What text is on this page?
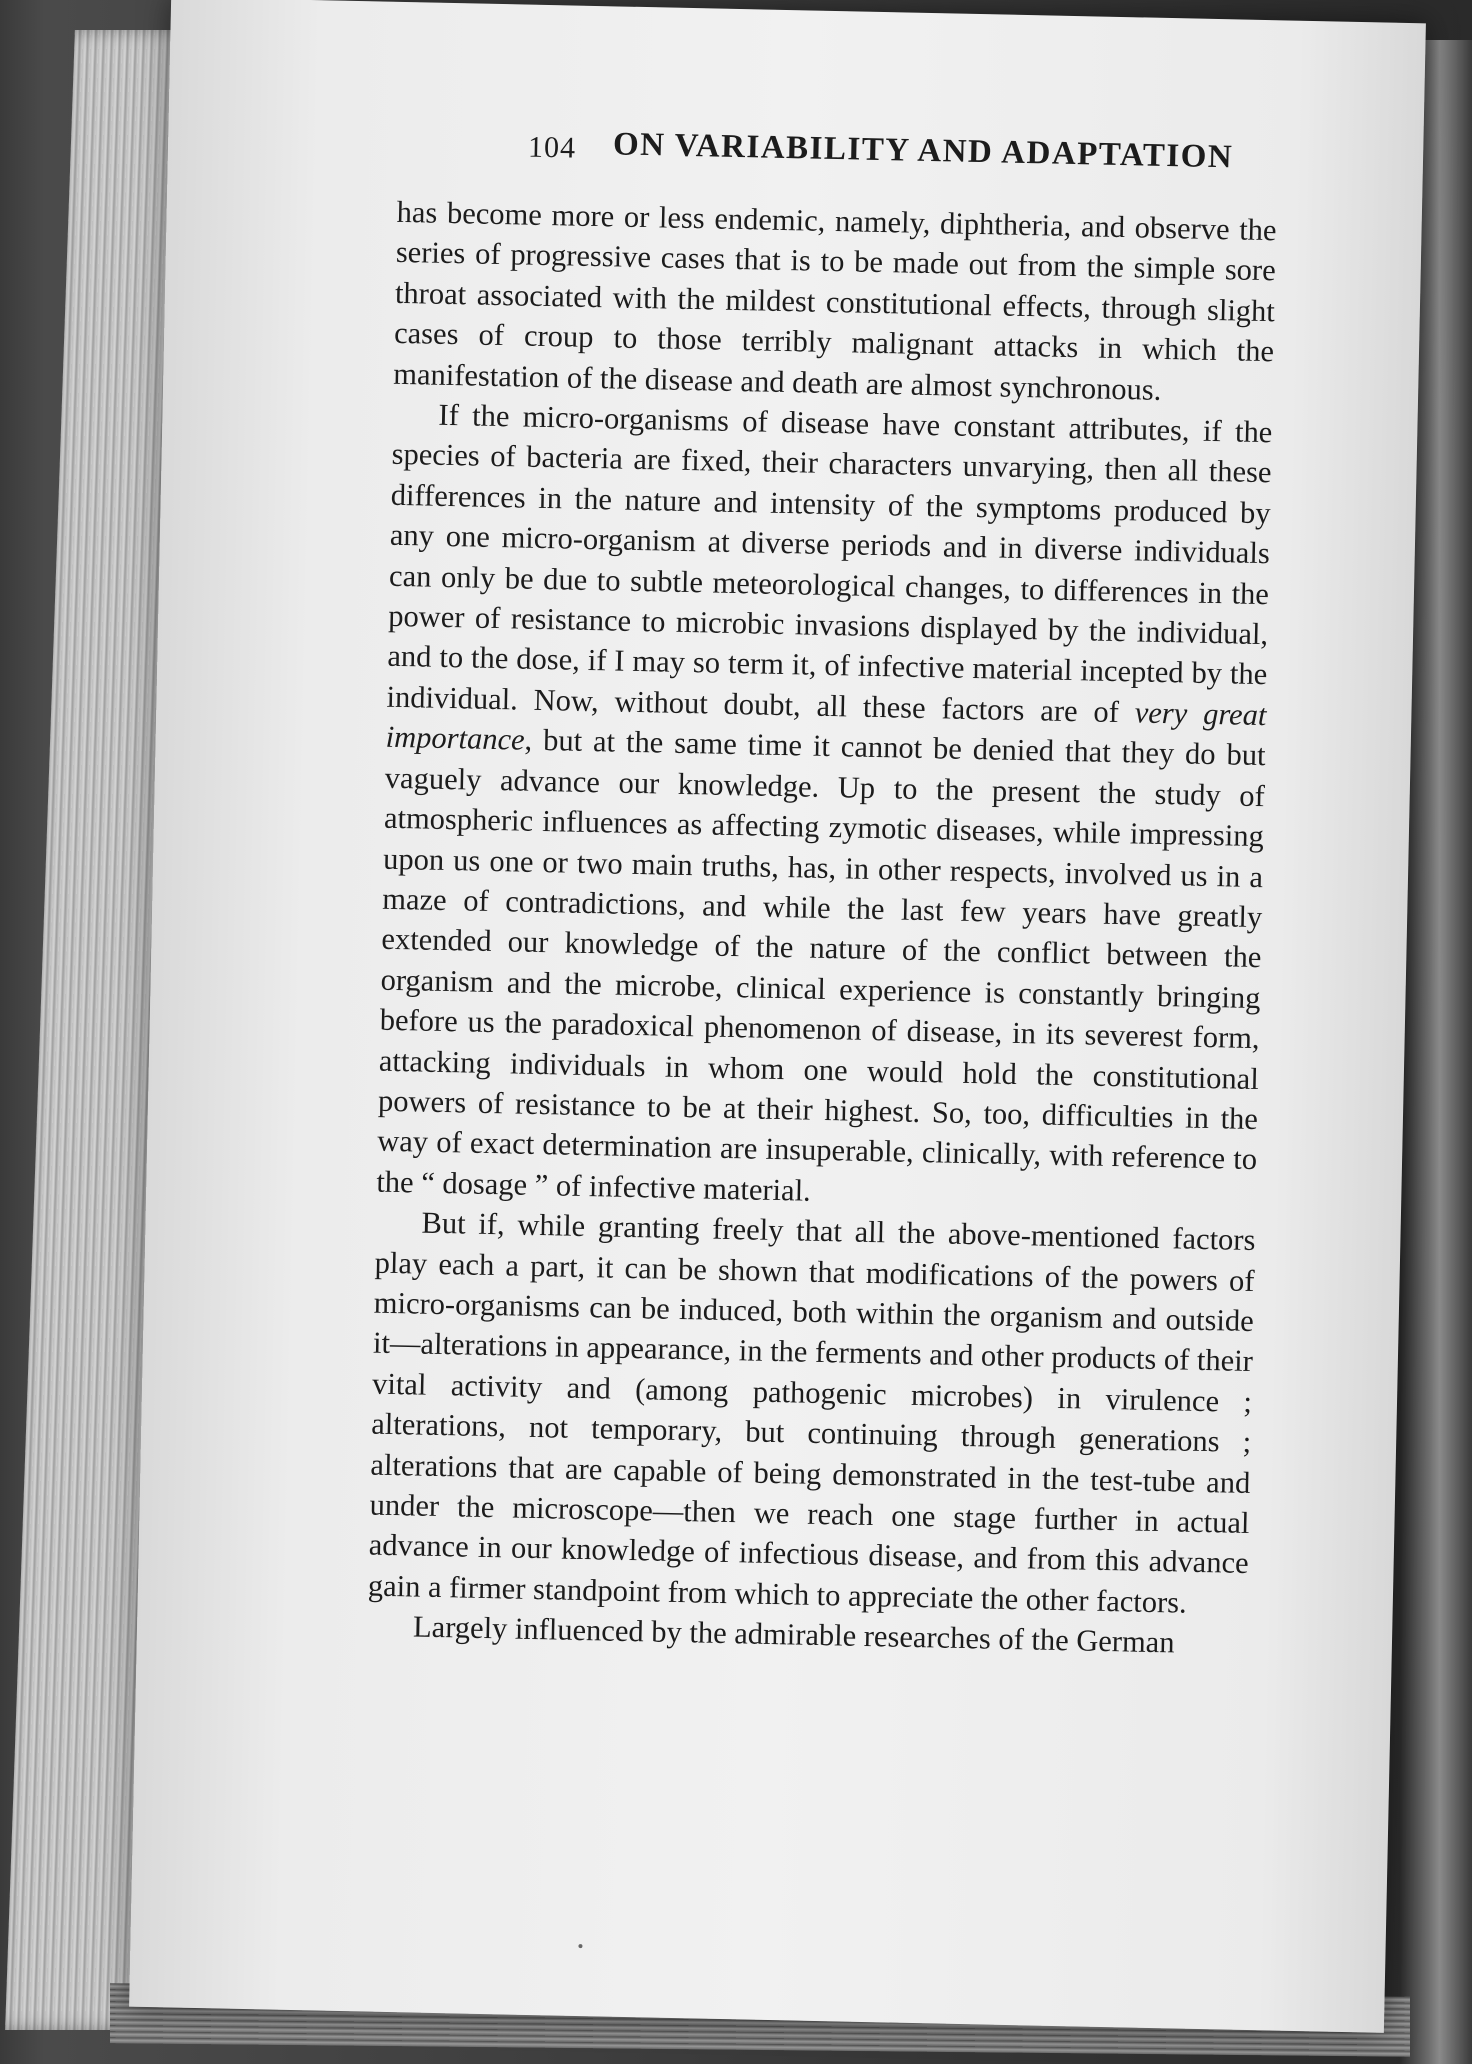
104	ON VARIABILITY AND ADAPTATION

has become more or less endemic, namely, diphtheria, and observe the series of progressive cases that is to be made out from the simple sore throat associated with the mildest constitutional effects, through slight cases of croup to those terribly malignant attacks in which the manifestation of the disease and death are almost synchronous.

If the micro-organisms of disease have constant attributes, if the species of bacteria are fixed, their characters unvarying, then all these differences in the nature and intensity of the symptoms produced by any one micro-organism at diverse periods and in diverse individuals can only be due to subtle meteorological changes, to differences in the power of resistance to microbic invasions displayed by the individual, and to the dose, if I may so term it, of infective material incepted by the individual. Now, without doubt, all these factors are of very great importance, but at the same time it cannot be denied that they do but vaguely advance our knowledge. Up to the present the study of atmospheric influences as affecting zymotic diseases, while impressing upon us one or two main truths, has, in other respects, involved us in a maze of contradictions, and while the last few years have greatly extended our knowledge of the nature of the conflict between the organism and the microbe, clinical experience is constantly bringing before us the paradoxical phenomenon of disease, in its severest form, attacking individuals in whom one would hold the constitutional powers of resistance to be at their highest. So, too, difficulties in the way of exact determination are insuperable, clinically, with reference to the “ dosage ” of infective material.

But if, while granting freely that all the above-mentioned factors play each a part, it can be shown that modifications of the powers of micro-organisms can be induced, both within the organism and outside it—alterations in appearance, in the ferments and other products of their vital activity and (among pathogenic microbes) in virulence ; alterations, not temporary, but continuing through generations ; alterations that are capable of being demonstrated in the test-tube and under the microscope—then we reach one stage further in actual advance in our knowledge of infectious disease, and from this advance gain a firmer standpoint from which to appreciate the other factors.

Largely influenced by the admirable researches of the German
